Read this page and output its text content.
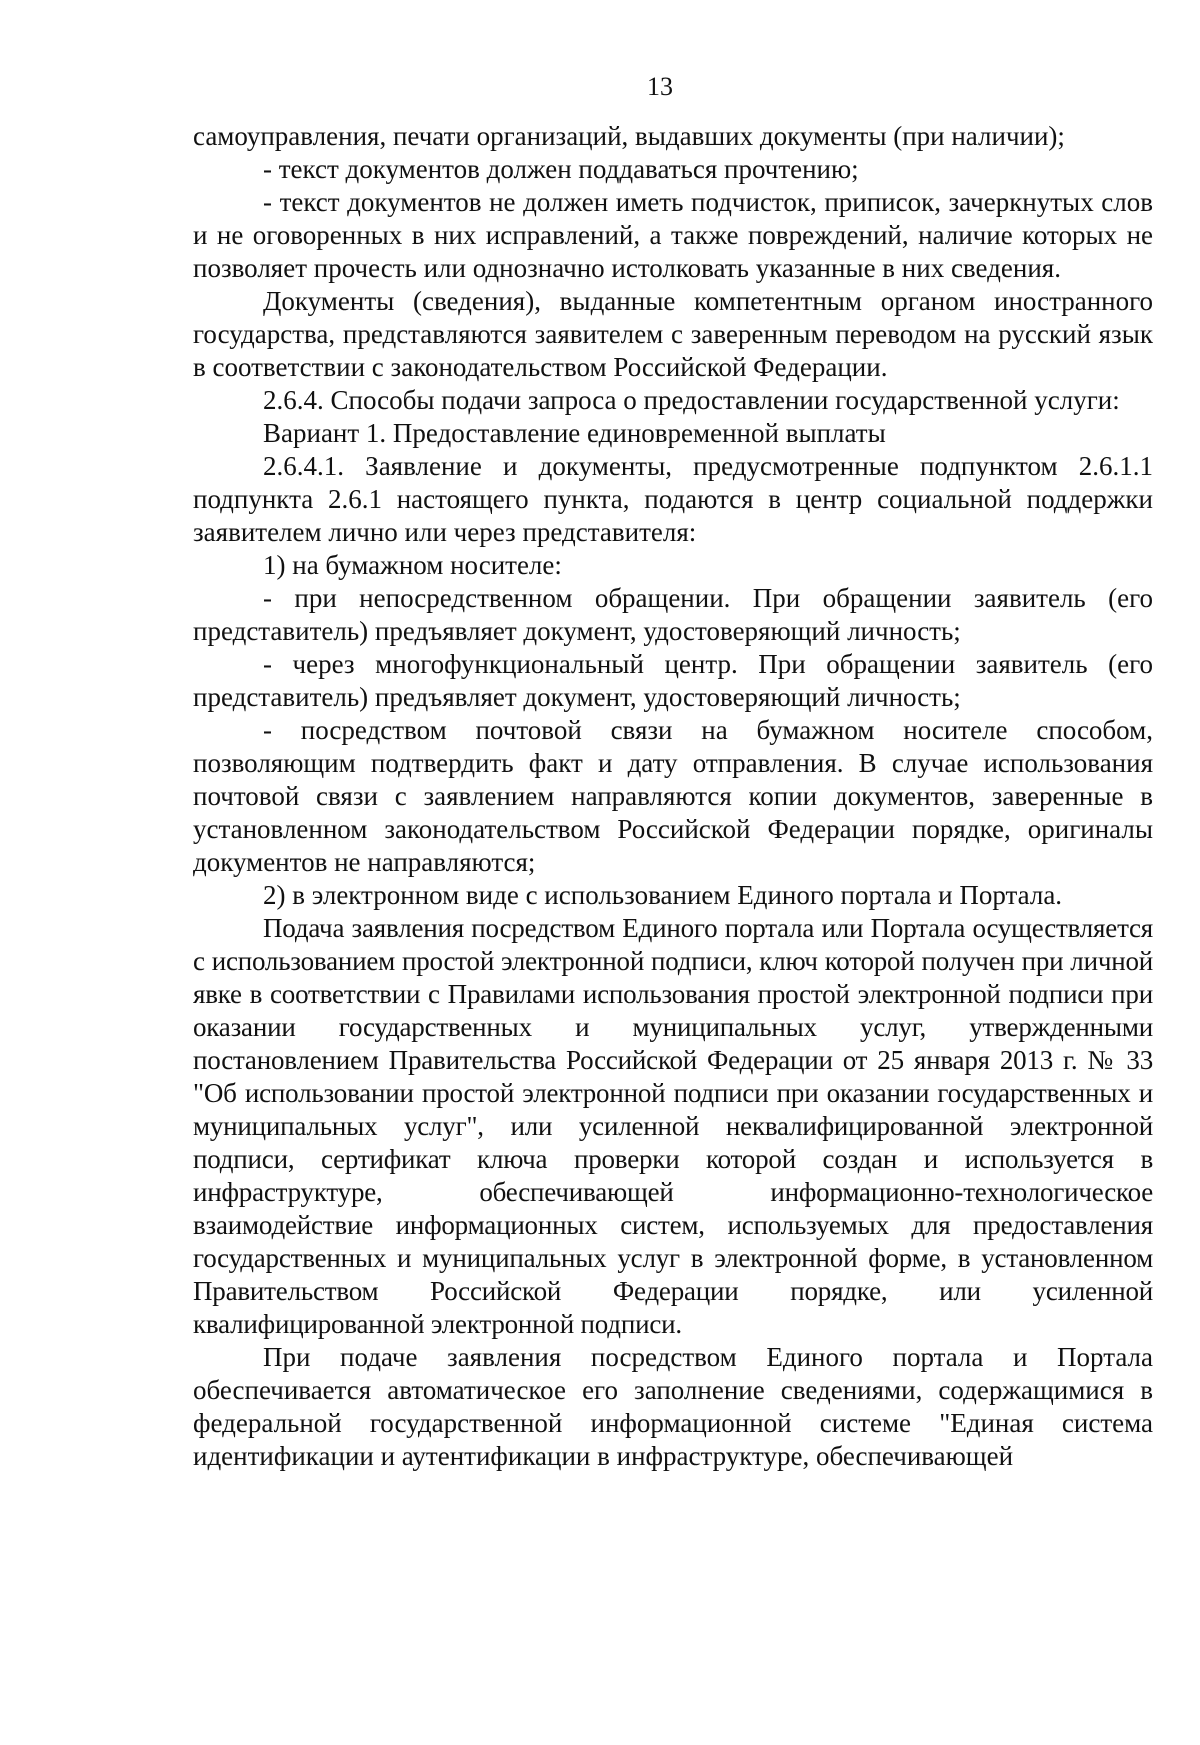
13

самоуправления, печати организаций, выдавших документы (при наличии);

- текст документов должен поддаваться прочтению;

- текст документов не должен иметь подчисток, приписок, зачеркнутых слов и не оговоренных в них исправлений, а также повреждений, наличие которых не позволяет прочесть или однозначно истолковать указанные в них сведения.

Документы (сведения), выданные компетентным органом иностранного государства, представляются заявителем с заверенным переводом на русский язык в соответствии с законодательством Российской Федерации.

2.6.4. Способы подачи запроса о предоставлении государственной услуги:

Вариант 1. Предоставление единовременной выплаты

2.6.4.1. Заявление и документы, предусмотренные подпунктом 2.6.1.1 подпункта 2.6.1 настоящего пункта, подаются в центр социальной поддержки заявителем лично или через представителя:

1) на бумажном носителе:

- при непосредственном обращении. При обращении заявитель (его представитель) предъявляет документ, удостоверяющий личность;

- через многофункциональный центр. При обращении заявитель (его представитель) предъявляет документ, удостоверяющий личность;

- посредством почтовой связи на бумажном носителе способом, позволяющим подтвердить факт и дату отправления. В случае использования почтовой связи с заявлением направляются копии документов, заверенные в установленном законодательством Российской Федерации порядке, оригиналы документов не направляются;

2) в электронном виде с использованием Единого портала и Портала.

Подача заявления посредством Единого портала или Портала осуществляется с использованием простой электронной подписи, ключ которой получен при личной явке в соответствии с Правилами использования простой электронной подписи при оказании государственных и муниципальных услуг, утвержденными постановлением Правительства Российской Федерации от 25 января 2013 г. № 33 "Об использовании простой электронной подписи при оказании государственных и муниципальных услуг", или усиленной неквалифицированной электронной подписи, сертификат ключа проверки которой создан и используется в инфраструктуре, обеспечивающей информационно-технологическое взаимодействие информационных систем, используемых для предоставления государственных и муниципальных услуг в электронной форме, в установленном Правительством Российской Федерации порядке, или усиленной квалифицированной электронной подписи.

При подаче заявления посредством Единого портала и Портала обеспечивается автоматическое его заполнение сведениями, содержащимися в федеральной государственной информационной системе "Единая система идентификации и аутентификации в инфраструктуре, обеспечивающей
